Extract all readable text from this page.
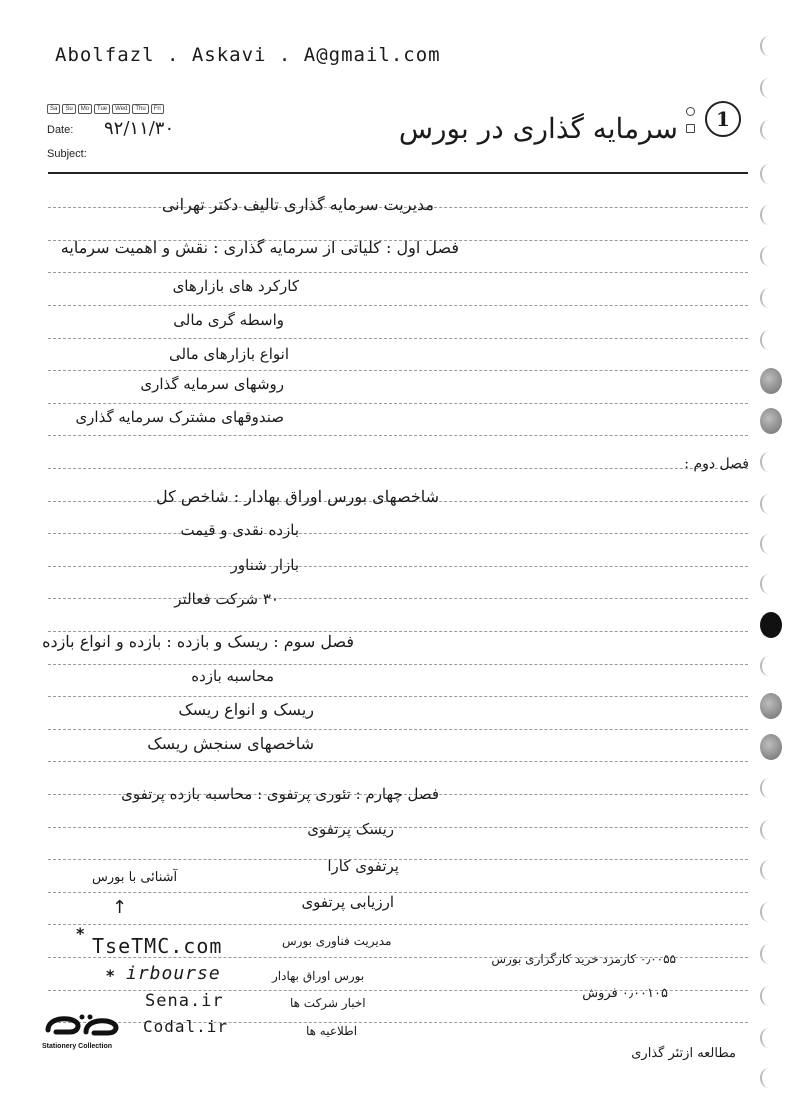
Abolfazl . Askavi . A@gmail.com
Sa	Su	Mo	Tue	Wed	Thu	Fri
Date: ۹۲/۱۱/۳۰
Subject:
سرمایه گذاری در بورس	1
مدیریت سرمایه گذاری تالیف دکتر تهرانی
فصل اول : کلیاتی از سرمایه گذاری : نقش و اهمیت سرمایه
کارکرد های بازارهای
واسطه گری مالی
انواع بازارهای مالی
روشهای سرمایه گذاری
صندوقهای مشترک سرمایه گذاری
فصل دوم :
شاخصهای بورس اوراق بهادار : شاخص کل
بازده نقدی و قیمت
بازار شناور
۳۰ شرکت فعالتر
فصل سوم : ریسک و بازده : بازده و انواع بازده
محاسبه بازده
ریسک و انواع ریسک
شاخصهای سنجش ریسک
فصل چهارم : تئوری پرتفوی : محاسبه بازده پرتفوی
ریسک پرتفوی
پرتفوی کارا
ارزیابی پرتفوی
آشنائی با بورس
↑
*
TseTMC.com
* irbourse
Sena.ir
Codal.ir
مدیریت فناوری بورس
بورس اوراق بهادار
اخبار شرکت ها
اطلاعیه ها
۰٫۰۰۵۵ کارمزد خرید کارگزاری بورس
۰٫۰۰۱۰۵ فروش
مطالعه ازتئر گذاری
Stationery Collection
